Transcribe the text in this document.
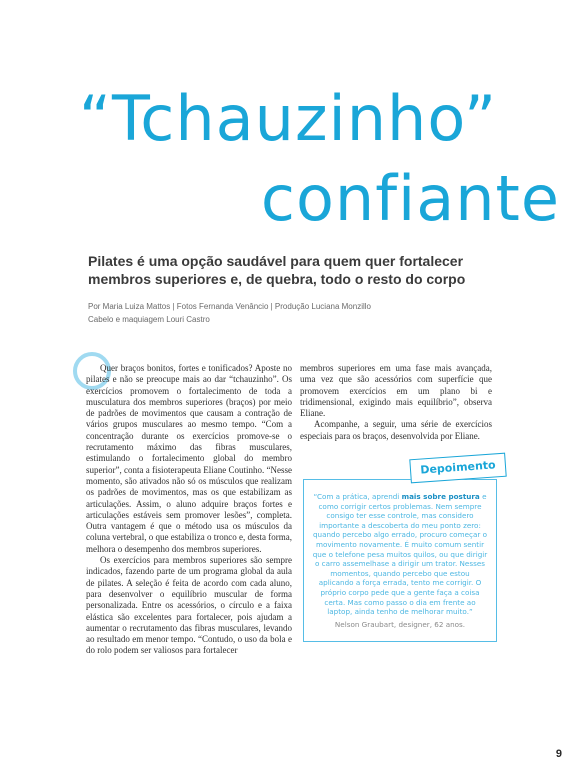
“Tchauzinho”
confiante

Pilates é uma opção saudável para quem quer fortalecer membros superiores e, de quebra, todo o resto do corpo

Por Maria Luiza Mattos | Fotos Fernanda Venâncio | Produção Luciana Monzillo
Cabelo e maquiagem Louri Castro

Quer braços bonitos, fortes e tonificados? Aposte no pilates e não se preocupe mais ao dar “tchauzinho”. Os exercícios promovem o fortalecimento de toda a musculatura dos membros superiores (braços) por meio de padrões de movimentos que causam a contração de vários grupos musculares ao mesmo tempo. “Com a concentração durante os exercícios promove-se o recrutamento máximo das fibras musculares, estimulando o fortalecimento global do membro superior”, conta a fisioterapeuta Eliane Coutinho. “Nesse momento, são ativados não só os músculos que realizam os padrões de movimentos, mas os que estabilizam as articulações. Assim, o aluno adquire braços fortes e articulações estáveis sem promover lesões”, completa. Outra vantagem é que o método usa os músculos da coluna vertebral, o que estabiliza o tronco e, desta forma, melhora o desempenho dos membros superiores.

Os exercícios para membros superiores são sempre indicados, fazendo parte de um programa global da aula de pilates. A seleção é feita de acordo com cada aluno, para desenvolver o equilíbrio muscular de forma personalizada. Entre os acessórios, o círculo e a faixa elástica são excelentes para fortalecer, pois ajudam a aumentar o recrutamento das fibras musculares, levando ao resultado em menor tempo. “Contudo, o uso da bola e do rolo podem ser valiosos para fortalecer

membros superiores em uma fase mais avançada, uma vez que são acessórios com superfície que promovem exercícios em um plano bi e tridimensional, exigindo mais equilíbrio”, observa Eliane.

Acompanhe, a seguir, uma série de exercícios especiais para os braços, desenvolvida por Eliane.

Depoimento

“Com a prática, aprendi mais sobre postura e como corrigir certos problemas. Nem sempre consigo ter esse controle, mas considero importante a descoberta do meu ponto zero: quando percebo algo errado, procuro começar o movimento novamente. É muito comum sentir que o telefone pesa muitos quilos, ou que dirigir o carro assemelhase a dirigir um trator. Nesses momentos, quando percebo que estou aplicando a força errada, tento me corrigir. O próprio corpo pede que a gente faça a coisa certa. Mas como passo o dia em frente ao laptop, ainda tenho de melhorar muito.”

Nelson Graubart, designer, 62 anos.
9
